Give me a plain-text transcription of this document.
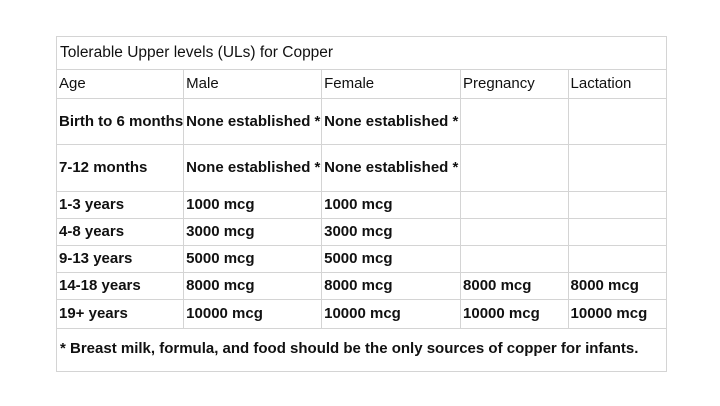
Tolerable Upper levels (ULs) for Copper
Age	Male	Female	Pregnancy	Lactation
Birth to 6 months	None established *	None established *		
7-12 months	None established *	None established *		
1-3 years	1000 mcg	1000 mcg		
4-8 years	3000 mcg	3000 mcg		
9-13 years	5000 mcg	5000 mcg		
14-18 years	8000 mcg	8000 mcg	8000 mcg	8000 mcg
19+ years	10000 mcg	10000 mcg	10000 mcg	10000 mcg
* Breast milk, formula, and food should be the only sources of copper for infants.
